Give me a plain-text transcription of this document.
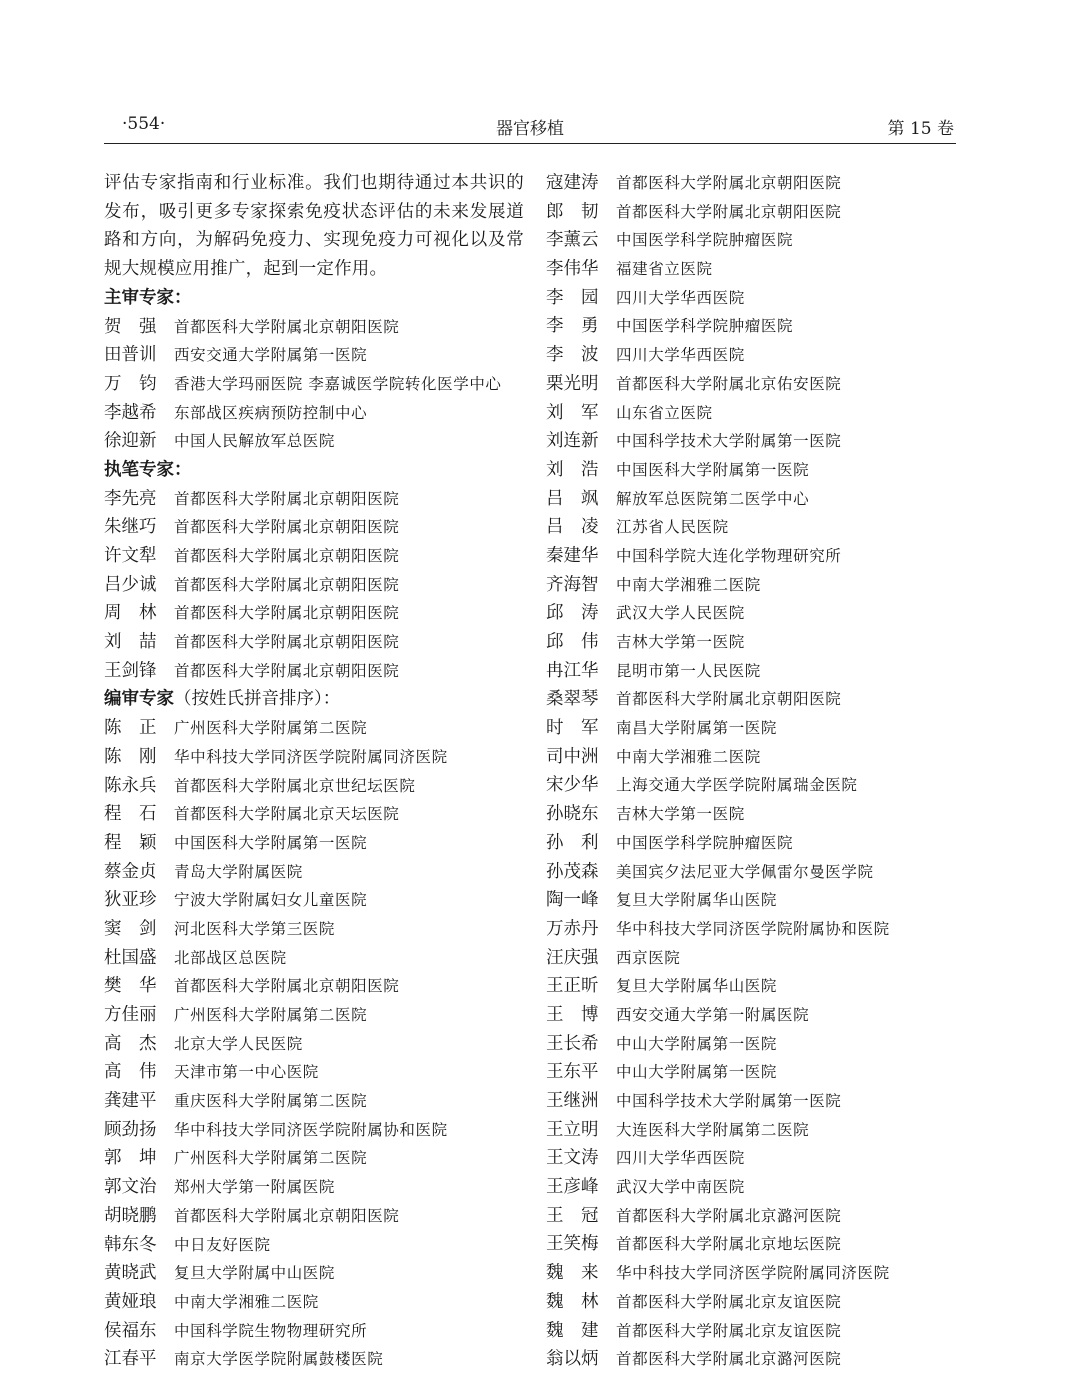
·554·	器官移植	第 15 卷
评估专家指南和行业标准。我们也期待通过本共识的
发布，吸引更多专家探索免疫状态评估的未来发展道
路和方向，为解码免疫力、实现免疫力可视化以及常
规大规模应用推广，起到一定作用。
主审专家：
贺　强	首都医科大学附属北京朝阳医院
田普训	西安交通大学附属第一医院
万　钧	香港大学玛丽医院 李嘉诚医学院转化医学中心
李越希	东部战区疾病预防控制中心
徐迎新	中国人民解放军总医院
执笔专家：
李先亮	首都医科大学附属北京朝阳医院
朱继巧	首都医科大学附属北京朝阳医院
许文犁	首都医科大学附属北京朝阳医院
吕少诚	首都医科大学附属北京朝阳医院
周　林	首都医科大学附属北京朝阳医院
刘　喆	首都医科大学附属北京朝阳医院
王剑锋	首都医科大学附属北京朝阳医院
编审专家（按姓氏拼音排序）：
陈　正	广州医科大学附属第二医院
陈　刚	华中科技大学同济医学院附属同济医院
陈永兵	首都医科大学附属北京世纪坛医院
程　石	首都医科大学附属北京天坛医院
程　颖	中国医科大学附属第一医院
蔡金贞	青岛大学附属医院
狄亚珍	宁波大学附属妇女儿童医院
窦　剑	河北医科大学第三医院
杜国盛	北部战区总医院
樊　华	首都医科大学附属北京朝阳医院
方佳丽	广州医科大学附属第二医院
高　杰	北京大学人民医院
高　伟	天津市第一中心医院
龚建平	重庆医科大学附属第二医院
顾劲扬	华中科技大学同济医学院附属协和医院
郭　坤	广州医科大学附属第二医院
郭文治	郑州大学第一附属医院
胡晓鹏	首都医科大学附属北京朝阳医院
韩东冬	中日友好医院
黄晓武	复旦大学附属中山医院
黄娅琅	中南大学湘雅二医院
侯福东	中国科学院生物物理研究所
江春平	南京大学医学院附属鼓楼医院
寇建涛	首都医科大学附属北京朝阳医院
郎　韧	首都医科大学附属北京朝阳医院
李薰云	中国医学科学院肿瘤医院
李伟华	福建省立医院
李　园	四川大学华西医院
李　勇	中国医学科学院肿瘤医院
李　波	四川大学华西医院
栗光明	首都医科大学附属北京佑安医院
刘　军	山东省立医院
刘连新	中国科学技术大学附属第一医院
刘　浩	中国医科大学附属第一医院
吕　飒	解放军总医院第二医学中心
吕　凌	江苏省人民医院
秦建华	中国科学院大连化学物理研究所
齐海智	中南大学湘雅二医院
邱　涛	武汉大学人民医院
邱　伟	吉林大学第一医院
冉江华	昆明市第一人民医院
桑翠琴	首都医科大学附属北京朝阳医院
时　军	南昌大学附属第一医院
司中洲	中南大学湘雅二医院
宋少华	上海交通大学医学院附属瑞金医院
孙晓东	吉林大学第一医院
孙　利	中国医学科学院肿瘤医院
孙茂森	美国宾夕法尼亚大学佩雷尔曼医学院
陶一峰	复旦大学附属华山医院
万赤丹	华中科技大学同济医学院附属协和医院
汪庆强	西京医院
王正昕	复旦大学附属华山医院
王　博	西安交通大学第一附属医院
王长希	中山大学附属第一医院
王东平	中山大学附属第一医院
王继洲	中国科学技术大学附属第一医院
王立明	大连医科大学附属第二医院
王文涛	四川大学华西医院
王彦峰	武汉大学中南医院
王　冠	首都医科大学附属北京潞河医院
王笑梅	首都医科大学附属北京地坛医院
魏　来	华中科技大学同济医学院附属同济医院
魏　林	首都医科大学附属北京友谊医院
魏　建	首都医科大学附属北京友谊医院
翁以炳	首都医科大学附属北京潞河医院
